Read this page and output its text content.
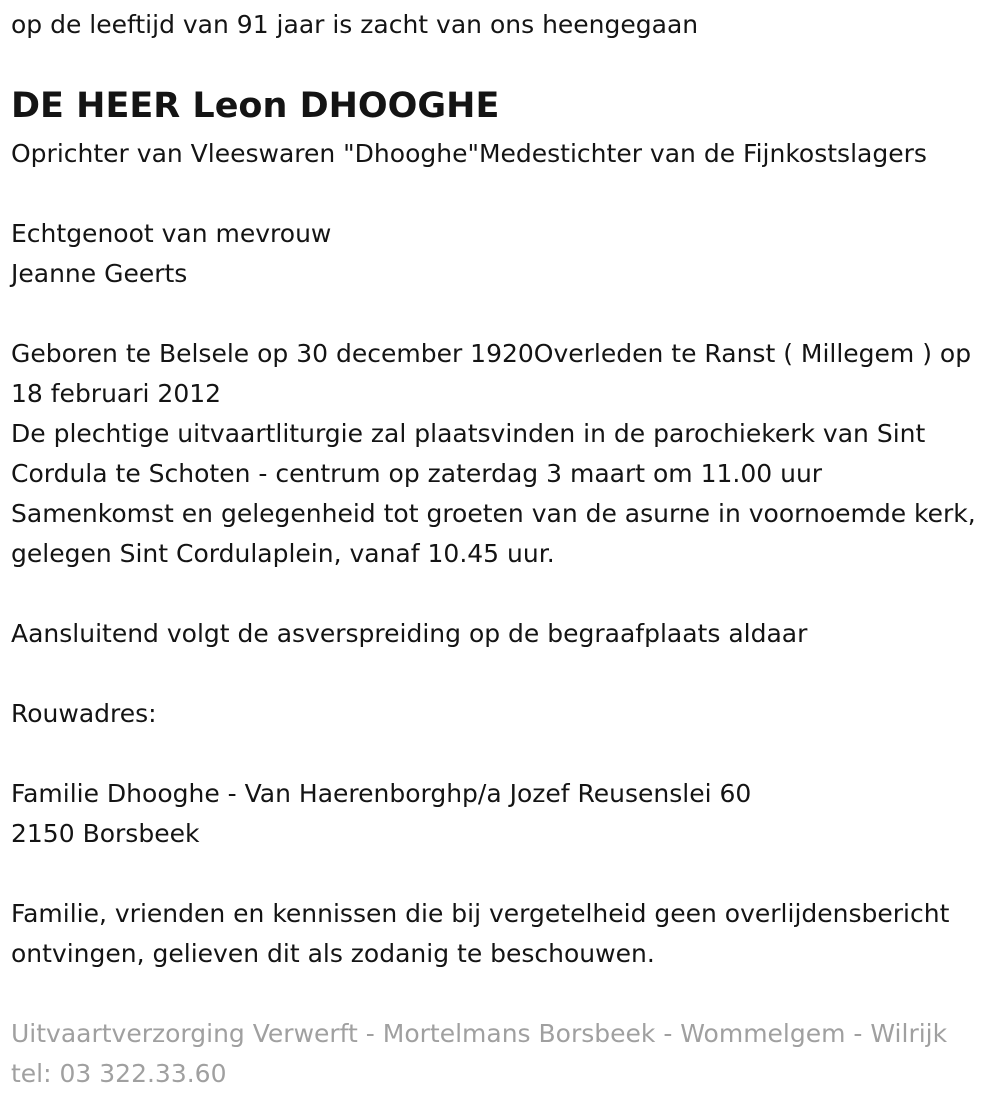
op de leeftijd van 91 jaar is zacht van ons heengegaan

DE HEER Leon DHOOGHE

Oprichter van Vleeswaren "Dhooghe"Medestichter van de Fijnkostslagers

Echtgenoot van mevrouw

Jeanne Geerts

Geboren te Belsele op 30 december 1920Overleden te Ranst ( Millegem ) op 18 februari 2012

De plechtige uitvaartliturgie zal plaatsvinden in de parochiekerk van Sint Cordula te Schoten - centrum op zaterdag 3 maart om 11.00 uur

Samenkomst en gelegenheid tot groeten van de asurne in voornoemde kerk, gelegen Sint Cordulaplein, vanaf 10.45 uur.

Aansluitend volgt de asverspreiding op de begraafplaats aldaar

Rouwadres:

Familie Dhooghe - Van Haerenborghp/a Jozef Reusenslei 60

2150 Borsbeek

Familie, vrienden en kennissen die bij vergetelheid geen overlijdensbericht ontvingen, gelieven dit als zodanig te beschouwen.

Uitvaartverzorging Verwerft - Mortelmans Borsbeek - Wommelgem - Wilrijk tel: 03 322.33.60
